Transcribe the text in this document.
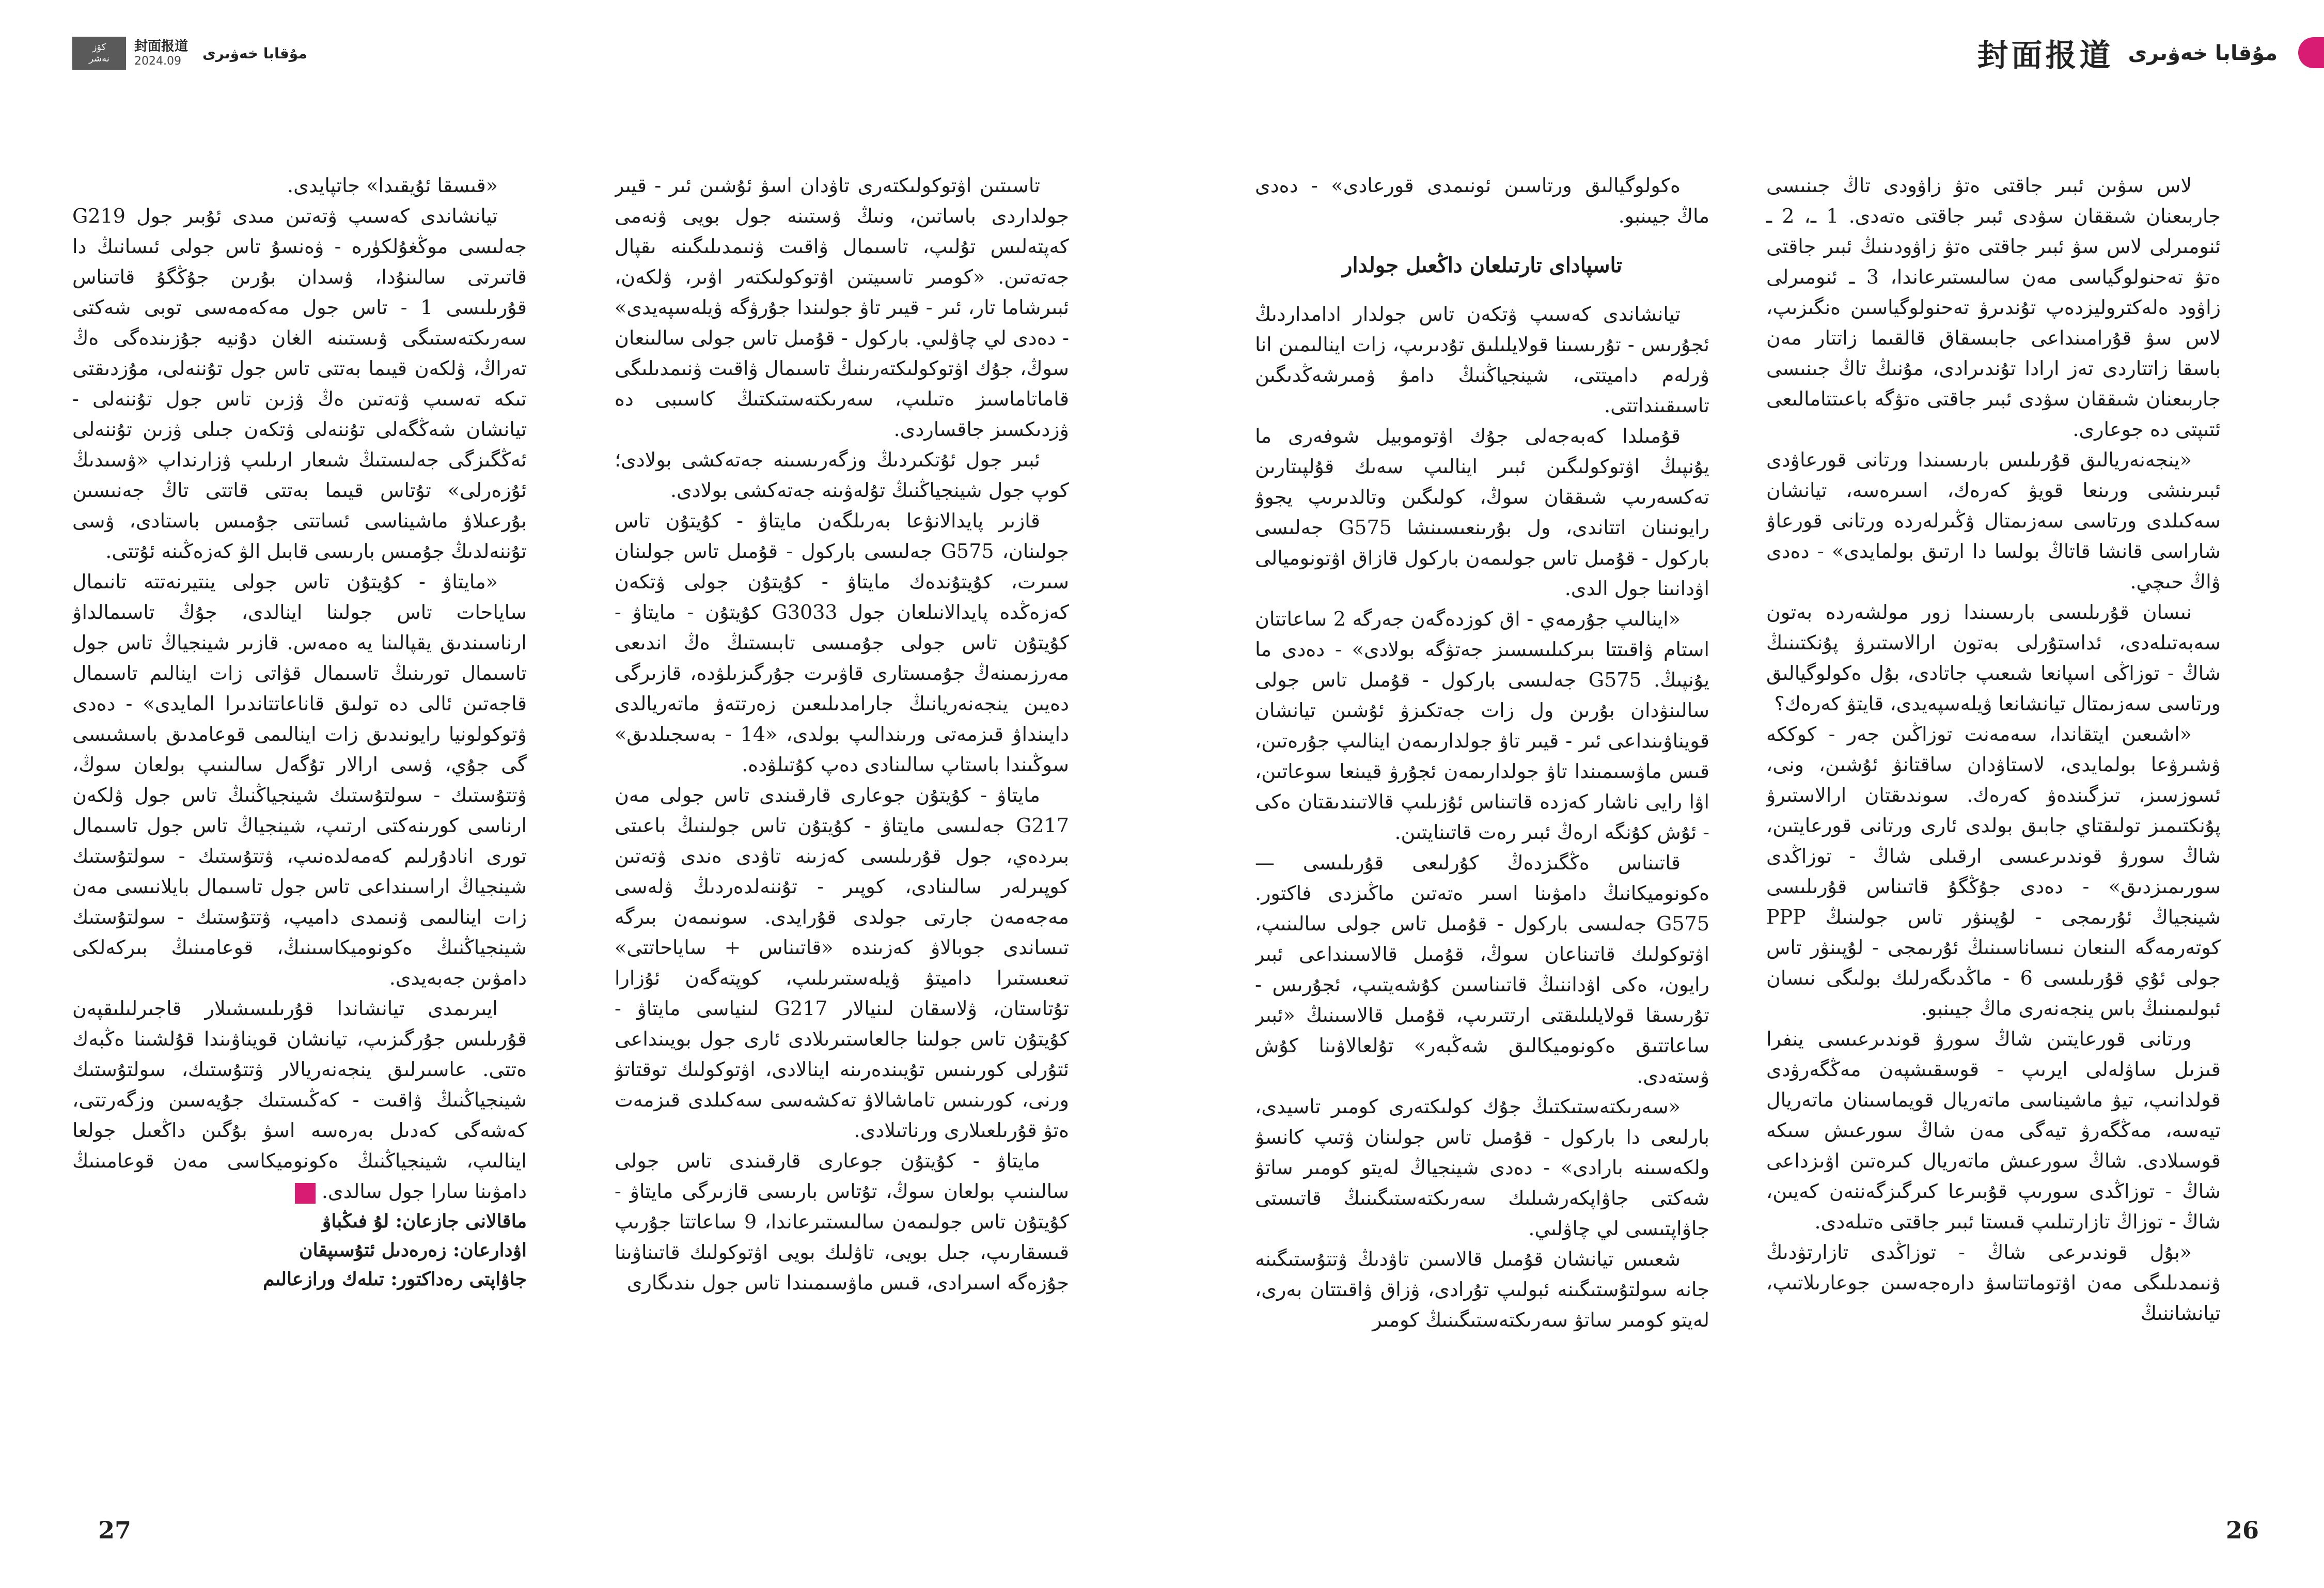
كۆز
نەشر
封面报道
2024.09	مۇقابا خەۋىرى

«قىسقا ئۇيقىدا» جاتپايدى.

تيانشاندى كەسىپ ۋتەتىن مىدى ئۇبىر جول G219 جەلىسى موڭغۇلكۈرە - ۋەنسۇ تاس جولى ئىسانىڭ دا قاتىرتى سالىنۇدا، ۋسدان بۇرىن جۇڭگۇ قاتىناس قۇرىلىسى 1 - تاس جول مەكەمەسى توبى شەكتى سەرىكتەستىگى ۋىستىنە الغان دۇنيە جۇزىندەگى ەڭ تەراڭ، ۋلكەن قيىما بەتتى تاس جول تۇننەلى، مۇزدىقتى تىكە تەسىپ ۋتەتىن ەڭ ۋزىن تاس جول تۇننەلى - تيانشان شەڭگەلى تۇننەلى ۋتكەن جىلى ۋزىن تۇننەلى ئەڭگىزگى جەلىستىڭ شىعار ارىلىپ ۋزارنداپ «ۋسىدىڭ ئۇزەرلى» تۇتاس قيىما بەتتى قاتتى تاڭ جەنىسىن بۇرعىلاۋ ماشيناسى ئساتتى جۇمىس باستادى، ۋسى تۇننەلدىڭ جۇمىس بارىسى قابىل الۋ كەزەڭىنە ئۇتتى.

«مايتاۋ - كۇيتۇن تاس جولى ينتيرنەتتە تانىمال ساياحات تاس جولىنا اينالدى، جۇڭ تاسىمالداۋ ارناسىندىق يقپالىنا يە ەمەس. قازىر شينجياڭ تاس جول تاسىمال تورىنىڭ تاسىمال قۋاتى زات اينالىم تاسىمال قاجەتىن ئالى دە تولىق قاناعاتتاندىرا المايدى» - دەدى ۋتوكولونيا رايونىدىق زات اينالىمى قوعامدىق باسشىسى گى جۇي، ۋسى ارالار تۇگەل سالىنىپ بولعان سوڭ، ۋتتۇستىك - سولتۇستىك شينجياڭنىڭ تاس جول ۋلكەن ارناسى كورىنەكتى ارتىپ، شينجياڭ تاس جول تاسىمال تورى انادۇرلىم كەمەلدەنىپ، ۋتتۇستىك - سولتۇستىك شينجياڭ اراسىنداعى تاس جول تاسىمال بايلانىسى مەن زات اينالىمى ۋنىمدى داميپ، ۋتتۇستىك - سولتۇستىك شينجياڭنىڭ ەكونوميكاسىنىڭ، قوعامىنىڭ بىركەلكى دامۋىن جەبەيدى.

ايىرىمدى تيانشاندا قۇرىلىسشىلار قاجىرلىلىقپەن قۇرىلىس جۇرگىزىپ، تيانشان قويناۋىندا قۇلشىنا ەڭبەك ەتتى. عاسىرلىق ينجەنەريالار ۋتتۇستىك، سولتۇستىك شينجياڭنىڭ ۋاقىت - كەڭىستىك جۇيەسىن وزگەرتتى، كەشەگى كەدىل بەرەسە اسۋ بۇگىن داڭعىل جولعا اينالىپ، شينجياڭنىڭ ەكونوميكاسى مەن قوعامىنىڭ دامۋىنا سارا جول سالدى. J

ماقالانى جازعان: لۇ فىڭباۋ

اۋدارعان: زەرەدىل ئتۇسىپقان

جاۋاپتى رەداكتور: تىلەك ورازعالىم

تاسىتىن اۋتوكولىكتەرى تاۋدان اسۋ ئۇشىن ئىر - قيىر جولداردى باساتىن، ونىڭ ۋستىنە جول بويى ۋنەمى كەپتەلىس تۇلىپ، تاسىمال ۋاقىت ۋنىمدىلىگىنە ىقپال جەتەتىن. «كومىر تاسىيتىن اۋتوكولىكتەر اۋىر، ۋلكەن، ئبىرشاما تار، ئىر - قيىر تاۋ جولىندا جۇرۋگە ۋيلەسپەيدى» - دەدى لي چاۋلىي. باركول - قۇمىل تاس جولى سالىنعان سوڭ، جۇك اۋتوكولىكتەرىنىڭ تاسىمال ۋاقىت ۋنىمدىلىگى قاماتاماسىز ەتىلىپ، سەرىكتەستىكتىڭ كاسىبى دە ۋزدىكسىز جاقساردى.

ئبىر جول ئۇتكىردىڭ وزگەرىسىنە جەتەكشى بولادى؛ كوپ جول شينجياڭنىڭ تۇلەۋىنە جەتەكشى بولادى.

قازىر پايدالانۋعا بەرىلگەن مايتاۋ - كۇيتۇن تاس جولىنان، G575 جەلىسى باركول - قۇمىل تاس جولىنان سىرت، كۇيتۇندەك مايتاۋ - كۇيتۇن جولى ۋتكەن كەزەڭدە پايدالانىلعان جول G3033 كۇيتۇن - مايتاۋ - كۇيتۇن تاس جولى جۇمىسى تابىستىڭ ەڭ اندىعى مەرزىمىنەڭ جۇمىستارى قاۋىرت جۇرگىزىلۋدە، قازىرگى دەيىن ينجەنەريانىڭ جارامدىلىعىن زەرتتەۋ ماتەريالدى دايىنداۋ قىزمەتى ورىندالىپ بولدى، «14 - بەسجىلدىق» سوڭىندا باستاپ سالىنادى دەپ كۇتىلۋدە.

مايتاۋ - كۇيتۇن جوعارى قارقىندى تاس جولى مەن G217 جەلىسى مايتاۋ - كۇيتۇن تاس جولىنىڭ باعىتى بىردەي، جول قۇرىلىسى كەزىنە تاۋدى ەندى ۋتەتىن كوپىرلەر سالىنادى، كوپىر - تۇننەلدەردىڭ ۋلەسى مەجەمەن جارتى جولدى قۇرايدى. سونىمەن بىرگە تىساندى جوبالاۋ كەزىندە «قاتىناس + ساياحاتتى» تىعىستىرا داميتۋ ۋيلەستىرىلىپ، كوپتەگەن ئۇزارا تۇتاستان، ۋلاسقان لىنيالار G217 لىنياسى مايتاۋ - كۇيتۇن تاس جولىنا جالعاستىرىلادى ئارى جول بويىنداعى ئتۇرلى كورىنىس تۇيىندەرىنە اينالادى، اۋتوكولىك توقتاتۋ ورنى، كورىنىس تاماشالاۋ تەكشەسى سەكىلدى قىزمەت ەتۋ قۇرىلعىلارى ورناتىلادى.

مايتاۋ - كۇيتۇن جوعارى قارقىندى تاس جولى سالىنىپ بولعان سوڭ، تۇتاس بارىسى قازىرگى مايتاۋ - كۇيتۇن تاس جولىمەن سالىستىرعاندا، 9 ساعاتتا جۇرىپ قىسقارىپ، جىل بويى، تاۋلىك بويى اۋتوكولىك قاتىناۋىنا جۇزەگە اسىرادى، قىس ماۋسىمىندا تاس جول ىندىگارى

27
封面报道 مۇقابا خەۋىرى

ەكولوگيالىق ورتاسىن ئونىمدى قورعادى» - دەدى ماڭ جيىنبو.

تاسپادای تارتىلعان داڭعىل جولدار

تيانشاندى كەسىپ ۋتكەن تاس جولدار ادامداردىڭ ئجۇرىس - تۇرىسىنا قولايلىلىق تۇدىرىپ، زات اينالىمىن انا ۋرلەم داميتتى، شينجياڭنىڭ دامۋ ۋمىرشەڭدىگىن تاسىقىنداتتى.

قۇمىلدا كەبەجەلى جۇك اۋتوموبيل شوفەرى ما يۇنپىڭ اۋتوكولىگىن ئبىر اينالىپ سەىك قۇلپىتارىن تەكسەرىپ شىققان سوڭ، كولىگىن وتالدىرىپ يجوۋ رايونىنان اتتاندى، ول بۇرىنعىسىنشا G575 جەلىسى باركول - قۇمىل تاس جولىمەن باركول قازاق اۋتونوميالى اۋدانىنا جول الدى.

«اينالىپ جۇرمەي - اق كوزدەگەن جەرگە 2 ساعاتتان استام ۋاقىتتا بىركىلىسسىز جەتۋگە بولادى» - دەدى ما يۇنپىڭ. G575 جەلىسى باركول - قۇمىل تاس جولى سالىنۋدان بۇرىن ول زات جەتكىزۋ ئۇشىن تيانشان قويناۋىنداعى ئىر - قيىر تاۋ جولدارىمەن اينالىپ جۇرەتىن، قىس ماۋسىمىندا تاۋ جولدارىمەن ئجۇرۋ قيىنعا سوعاتىن، اۋا رايى ناشار كەزدە قاتىناس ئۇزىلىپ قالاتىندىقتان ەكى - ئۇش كۇنگە ارەڭ ئبىر رەت قاتىنايتىن.

قاتىناس ەڭگىزدەڭ كۇرلىعى قۇرىلىسى — ەكونوميكانىڭ دامۋىنا اسىر ەتەتىن ماڭىزدى فاكتور. G575 جەلىسى باركول - قۇمىل تاس جولى سالىنىپ، اۋتوكولىك قاتىناعان سوڭ، قۇمىل قالاسىنداعى ئبىر رايون، ەكى اۋداننىڭ قاتىناسىن كۇشەيتىپ، ئجۇرىس - تۇرىسقا قولايلىلىقتى ارتتىرىپ، قۇمىل قالاسىنىڭ «ئبىر ساعاتتىق ەكونوميكالىق شەڭبەر» تۇلعالاۋىنا كۇش ۋستەدى.

«سەرىكتەستىكتىڭ جۇك كولىكتەرى كومىر تاسيدى، بارلىعى دا باركول - قۇمىل تاس جولىنان ۋتىپ كانسۋ ولكەسىنە بارادى» - دەدى شينجياڭ لەيتو كومىر ساتۋ شەكتى جاۋاپكەرشىلىك سەرىكتەستىگىنىڭ قاتىستى جاۋاپتىسى لي چاۋلىي.

شعىس تيانشان قۇمىل قالاسىن تاۋدىڭ ۋتتۇستىگىنە جانە سولتۇستىگىنە ئبولىپ تۇرادى، ۋزاق ۋاقىتتان بەرى، لەيتو كومىر ساتۋ سەرىكتەستىگىنىڭ كومىر

لاس سۋىن ئبىر جاقتى ەتۋ زاۋودى تاڭ جىنىسى جاربىعنان شىققان سۋدى ئبىر جاقتى ەتەدى. 1 ـ، 2 ـ ئنومىرلى لاس سۋ ئبىر جاقتى ەتۋ زاۋودىنىڭ ئبىر جاقتى ەتۋ تەحنولوگياسى مەن سالىستىرعاندا، 3 ـ ئنومىرلى زاۋود ەلەكتروليزدەپ تۇندىرۋ تەحنولوگياسىن ەنگىزىپ، لاس سۋ قۇرامىنداعى جابىسقاق قالقىما زاتتار مەن باسقا زاتتاردى تەز ارادا تۇندىرادى، مۇنىڭ تاڭ جىنىسى جاربىعنان شىققان سۋدى ئبىر جاقتى ەتۋگە باعىتتامالىعى ئتىپتى دە جوعارى.

«ينجەنەريالىق قۇرىلىس بارىسىندا ورتانى قورعاۋدى ئبىرىنشى ورىنعا قويۋ كەرەك، اسىرەسە، تيانشان سەكىلدى ورتاسى سەزىمتال ۋڭىرلەردە ورتانى قورعاۋ شاراسى قانشا قاتاڭ بولسا دا ارتىق بولمايدى» - دەدى ۋاڭ حىچي.

نىسان قۇرىلىسى بارىسىندا زور مولشەردە بەتون سەبەتىلەدى، ئداستۇرلى بەتون ارالاستىرۋ پۇنكتىنىڭ شاڭ - توزاڭى اسپانعا شىعىپ جاتادى، بۇل ەكولوگيالىق ورتاسى سەزىمتال تيانشانعا ۋيلەسپەيدى، قايتۋ كەرەك؟

«اشىعىن ايتقاندا، سەمەنت توزاڭىن جەر - كوككە ۋشىرۋعا بولمايدى، لاستاۋدان ساقتانۋ ئۇشىن، ونى، ئسوزسىز، تىزگىندەۋ كەرەك. سوندىقتان ارالاستىرۋ پۇنكتىمىز تولىقتاي جابىق بولدى ئارى ورتانى قورعايتىن، شاڭ سورۋ قوندىرعىسى ارقىلى شاڭ - توزاڭدى سورىمىزدىق» - دەدى جۇڭگۇ قاتىناس قۇرىلىسى شينجياڭ ئۇرىمجى - لۇپىنۋر تاس جولىنىڭ PPP كوتەرمەگە الىنعان نىساناسىنىڭ ئۇرىمجى - لۇپىنۋر تاس جولى ئۇي قۇرىلىسى 6 - ماڭدىگەرلىك بولىگى نىسان ئبولىمىنىڭ باس ينجەنەرى ماڭ جيىنبو.

ورتانى قورعايتىن شاڭ سورۋ قوندىرعىسى ينفرا قىزىل ساۋلەلى ايرىپ - قوسقىشپەن مەڭگەرۋدى قولدانىپ، تيۋ ماشيناسى ماتەريال قويماسىنان ماتەريال تيەسە، مەڭگەرۋ تيەگى مەن شاڭ سورعىش سىكە قوسىلادى. شاڭ سورعىش ماتەريال كىرەتىن اۋىزداعى شاڭ - توزاڭدى سورىپ قۇبىرعا كىرگىزگەننەن كەيىن، شاڭ - توزاڭ تازارتىلىپ قىستا ئبىر جاقتى ەتىلەدى.

«بۇل قوندىرعى شاڭ - توزاڭدى تازارتۋدىڭ ۋنىمدىلىگى مەن اۋتوماتتاسۋ دارەجەسىن جوعارىلاتىپ، تيانشاننىڭ

26
